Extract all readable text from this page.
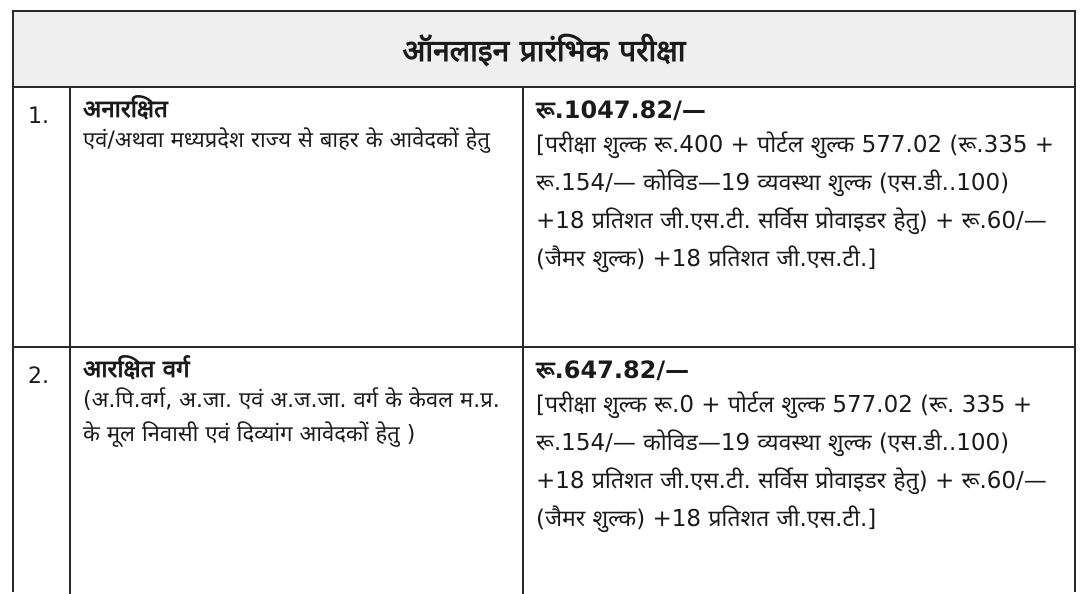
ऑनलाइन प्रारंभिक परीक्षा
1.	अनारक्षित
एवं/अथवा मध्यप्रदेश राज्य से बाहर के आवेदकों हेतु
रू.1047.82/—
[परीक्षा शुल्क रू.400 + पोर्टल शुल्क 577.02 (रू.335 + रू.154/— कोविड—19 व्यवस्था शुल्क (एस.डी..100) +18 प्रतिशत जी.एस.टी. सर्विस प्रोवाइडर हेतु) + रू.60/— (जैमर शुल्क) +18 प्रतिशत जी.एस.टी.]
2.	आरक्षित वर्ग
(अ.पि.वर्ग, अ.जा. एवं अ.ज.जा. वर्ग के केवल म.प्र. के मूल निवासी एवं दिव्यांग आवेदकों हेतु )
रू.647.82/—
[परीक्षा शुल्क रू.0 + पोर्टल शुल्क 577.02 (रू. 335 + रू.154/— कोविड—19 व्यवस्था शुल्क (एस.डी..100) +18 प्रतिशत जी.एस.टी. सर्विस प्रोवाइडर हेतु) + रू.60/— (जैमर शुल्क) +18 प्रतिशत जी.एस.टी.]
